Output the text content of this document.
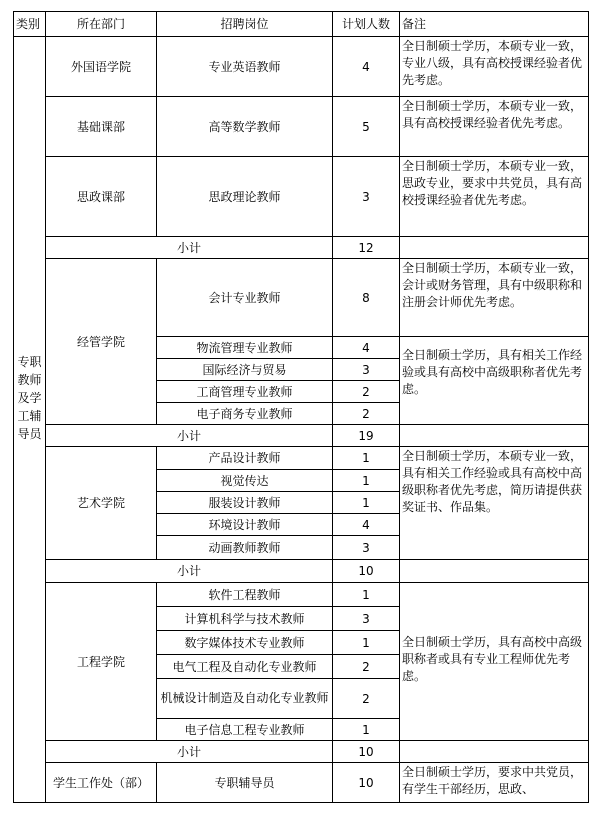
类别	所在部门	招聘岗位	计划人数	备注
专职教师及学工辅导员	外国语学院	专业英语教师	4	全日制硕士学历，本硕专业一致，专业八级，具有高校授课经验者优先考虑。
	基础课部	高等数学教师	5	全日制硕士学历，本硕专业一致，具有高校授课经验者优先考虑。
	思政课部	思政理论教师	3	全日制硕士学历，本硕专业一致，思政专业，要求中共党员，具有高校授课经验者优先考虑。
	小计		12	
	经管学院	会计专业教师	8	全日制硕士学历，本硕专业一致，会计或财务管理，具有中级职称和注册会计师优先考虑。
		物流管理专业教师	4	全日制硕士学历，具有相关工作经验或具有高校中高级职称者优先考虑。
		国际经济与贸易	3	
		工商管理专业教师	2	
		电子商务专业教师	2	
	小计		19	
	艺术学院	产品设计教师	1	全日制硕士学历，本硕专业一致，具有相关工作经验或具有高校中高级职称者优先考虑，简历请提供获奖证书、作品集。
		视觉传达	1	
		服装设计教师	1	
		环境设计教师	4	
		动画教师教师	3	
	小计		10	
	工程学院	软件工程教师	1	全日制硕士学历，具有高校中高级职称者或具有专业工程师优先考虑。
		计算机科学与技术教师	3	
		数字媒体技术专业教师	1	
		电气工程及自动化专业教师	2	
		机械设计制造及自动化专业教师	2	
		电子信息工程专业教师	1	
	小计		10	
	学生工作处（部）	专职辅导员	10	全日制硕士学历，要求中共党员，有学生干部经历，思政、
